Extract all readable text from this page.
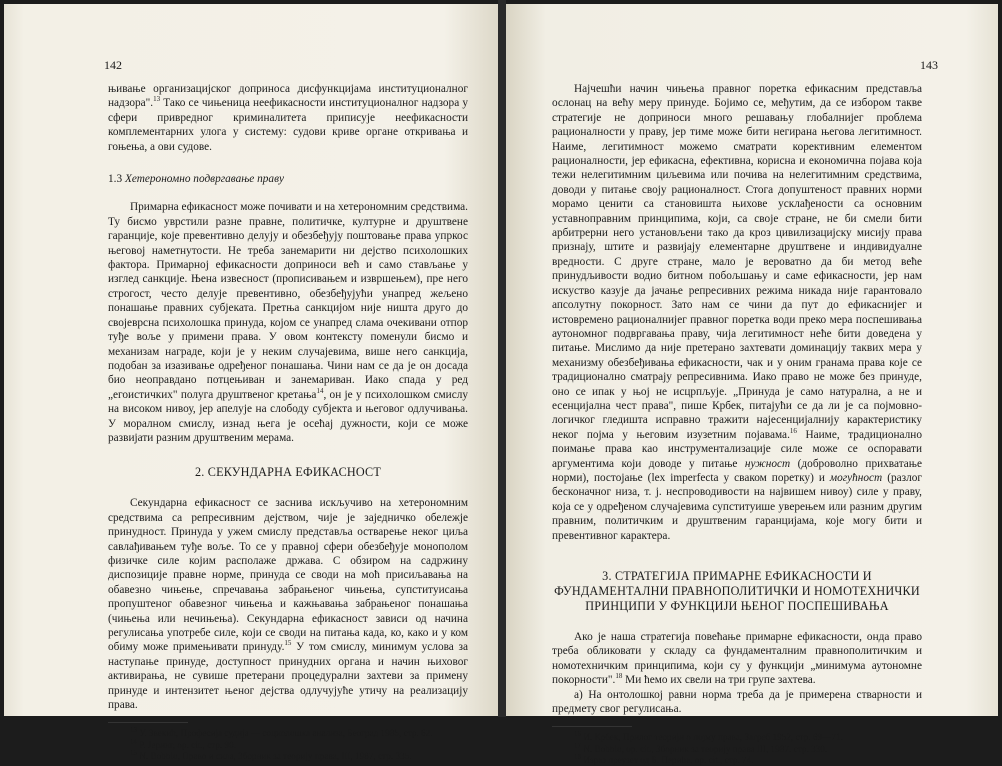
142

њивање организацијског доприноса дисфункцијама институционалног надзора".$^{13}$ Тако се чињеница неефикасности институционалног надзора у сфери привредног криминалитета приписује неефикасности комплементарних улога у систему: судови криве органе откривања и гоњења, а ови судове.

1.3 Хетерономно подвргавање праву

Примарна ефикасност може почивати и на хетерономним средствима. Ту бисмо уврстили разне правне, политичке, културне и друштвене гаранције, које превентивно делују и обезбеђују поштовање права упркос његовој наметнутости. Не треба занемарити ни дејство психолошких фактора. Примарној ефикасности доприноси већ и само стављање у изглед санкције. Њена извесност (прописивањем и извршењем), пре него строгост, често делује превентивно, обезбеђујући унапред жељено понашање правних субјеката. Претња санкцијом није ништа друго до својеврсна психолошка принуда, којом се унапред слама очекивани отпор туђе воље у примени права. У овом контексту поменули бисмо и механизам награде, који је у неким случајевима, више него санкција, подобан за изазивање одређеног понашања. Чини нам се да је он досада био неоправдано потцењиван и занемариван. Иако спада у ред „егоистичких" полуга друштвеног кретања$^{14}$, он је у психолошком смислу на високом нивоу, јер апелује на слободу субјекта и његовог одлучивања. У моралном смислу, изнад њега је осећај дужности, који се може развијати разним друштвеним мерама.

2. СЕКУНДАРНА ЕФИКАСНОСТ

Секундарна ефикасност се заснива искључиво на хетерономним средствима са репресивним дејством, чије је заједничко обележје принудност. Принуда у ужем смислу представља остварење неког циља савлађивањем туђе воље. То се у правној сфери обезбеђује монополом физичке силе којим располаже држава. С обзиром на садржину диспозиције правне норме, принуда се своди на моћ присиљавања на обавезно чињење, спречавања забрањеног чињења, супституисања пропуштеног обавезног чињења и кажњавања забрањеног понашања (чињења или нечињења). Секундарна ефикасност зависи од начина регулисања употребе силе, који се своди на питања када, ко, како и у ком обиму може примењивати принуду.$^{15}$ У том смислу, минимум услова за наступање принуде, доступност принудних органа и начин њиховог активирања, не сувише претерани процедурални захтеви за примену принуде и интензитет њеног дејства одлучујуће утичу на реализацију права.

$^{13}$ У. Звекић, Професија судија — социолошка анализа, Београд 1985, стр. 62.

$^{14}$ Р. Јеринг, op. cit., стр. 90.

$^{15}$ N. Bobbio, Право и сила, Зборник за теорију права, III, 1987, стр. 335.

143

Најчешћи начин чињења правног поретка ефикасним представља ослонац на већу меру принуде. Бојимо се, међутим, да се избором такве стратегије не доприноси много решавању глобалнијег проблема рационалности у праву, јер тиме може бити негирана његова легитимност. Наиме, легитимност можемо сматрати корективним елементом рационалности, јер ефикасна, ефективна, корисна и економична појава која тежи нелегитимним циљевима или почива на нелегитимним средствима, доводи у питање своју рационалност. Стога допуштеност правних норми морамо ценити са становишта њихове усклађености са основним уставноправним принципима, који, са своје стране, не би смели бити арбитрерни него установљени тако да кроз цивилизацијску мисију права признају, штите и развијају елементарне друштвене и индивидуалне вредности. С друге стране, мало је вероватно да би метод веће принудљивости водио битном побољшању и саме ефикасности, јер нам искуство казује да јачање репресивних режима никада није гарантовало апсолутну покорност. Зато нам се чини да пут до ефикаснијег и истовремено рационалнијег правног поретка води преко мера поспешивања аутономног подвргавања праву, чија легитимност неће бити доведена у питање. Мислимо да није претерано захтевати доминацију таквих мера у механизму обезбеђивања ефикасности, чак и у оним гранама права које се традиционално сматрају репресивнима. Иако право не може без принуде, оно се ипак у њој не исцрпљује. „Принуда је само натурална, а не и есенцијална чест права", пише Крбек, питајући се да ли је са појмовно-логичког гледишта исправно тражити најесенцијалнију карактеристику неког појма у његовим изузетним појавама.$^{16}$ Наиме, традиционално поимање права као инструментализације силе може се оспоравати аргументима који доводе у питање нужност (доброволно прихватање норми), постојање (lex imperfecta у сваком поретку) и могућност (разлог бесконачног низа, т. ј. неспроводивости на највишем нивоу) силе у праву, која се у одређеном случајевима супституише уверењем или разним другим правним, политичким и друштвеним гаранцијама, које могу бити и превентивног карактера.

3. СТРАТЕГИЈА ПРИМАРНЕ ЕФИКАСНОСТИ И
ФУНДАМЕНТАЛНИ ПРАВНОПОЛИТИЧКИ И НОМОТЕХНИЧКИ
ПРИНЦИПИ У ФУНКЦИЈИ ЊЕНОГ ПОСПЕШИВАЊА

Ако је наша стратегија повећање примарне ефикасности, онда право треба обликовати у складу са фундаменталним правнополитичким и номотехничким принципима, који су у функцији „минимума аутономне покорности".$^{18}$ Ми ћемо их свели на три групе захтева.

а) На онтолошкој равни норма треба да је примерена стварности и предмету свог регулисања.

$^{16}$ И. Крбек, Прилог теорији о појму права, Загреб 1952, стр. 69—71.

$^{17}$ N. Bobbio, op. cit., Зборник за теорију права III, 1987. стр. 330.

$^{18}$ Израз преузет од Б. Перића, op. cit., стр. 74.
